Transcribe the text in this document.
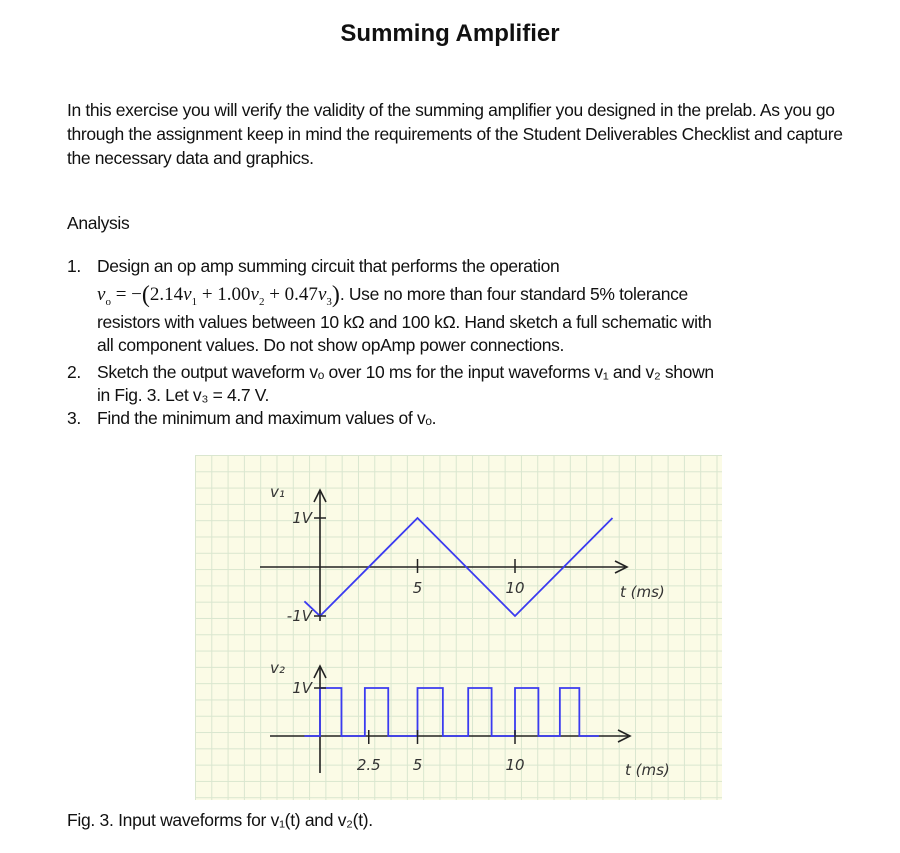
Summing Amplifier
In this exercise you will verify the validity of the summing amplifier you designed in the prelab. As you go through the assignment keep in mind the requirements of the Student Deliverables Checklist and capture the necessary data and graphics.
Analysis
1. Design an op amp summing circuit that performs the operation
$v_o = -(2.14v_1 + 1.00v_2 + 0.47v_3)$. Use no more than four standard 5% tolerance
resistors with values between 10 kΩ and 100 kΩ. Hand sketch a full schematic with
all component values. Do not show opAmp power connections.
2. Sketch the output waveform vₒ over 10 ms for the input waveforms v₁ and v₂ shown
in Fig. 3. Let v₃ = 4.7 V.
3. Find the minimum and maximum values of vₒ.
5	10
1V
-1V
2.5 5	10
1V
v₁
v₂
t (ms)
t (ms)
Fig. 3. Input waveforms for v₁(t) and v₂(t).
